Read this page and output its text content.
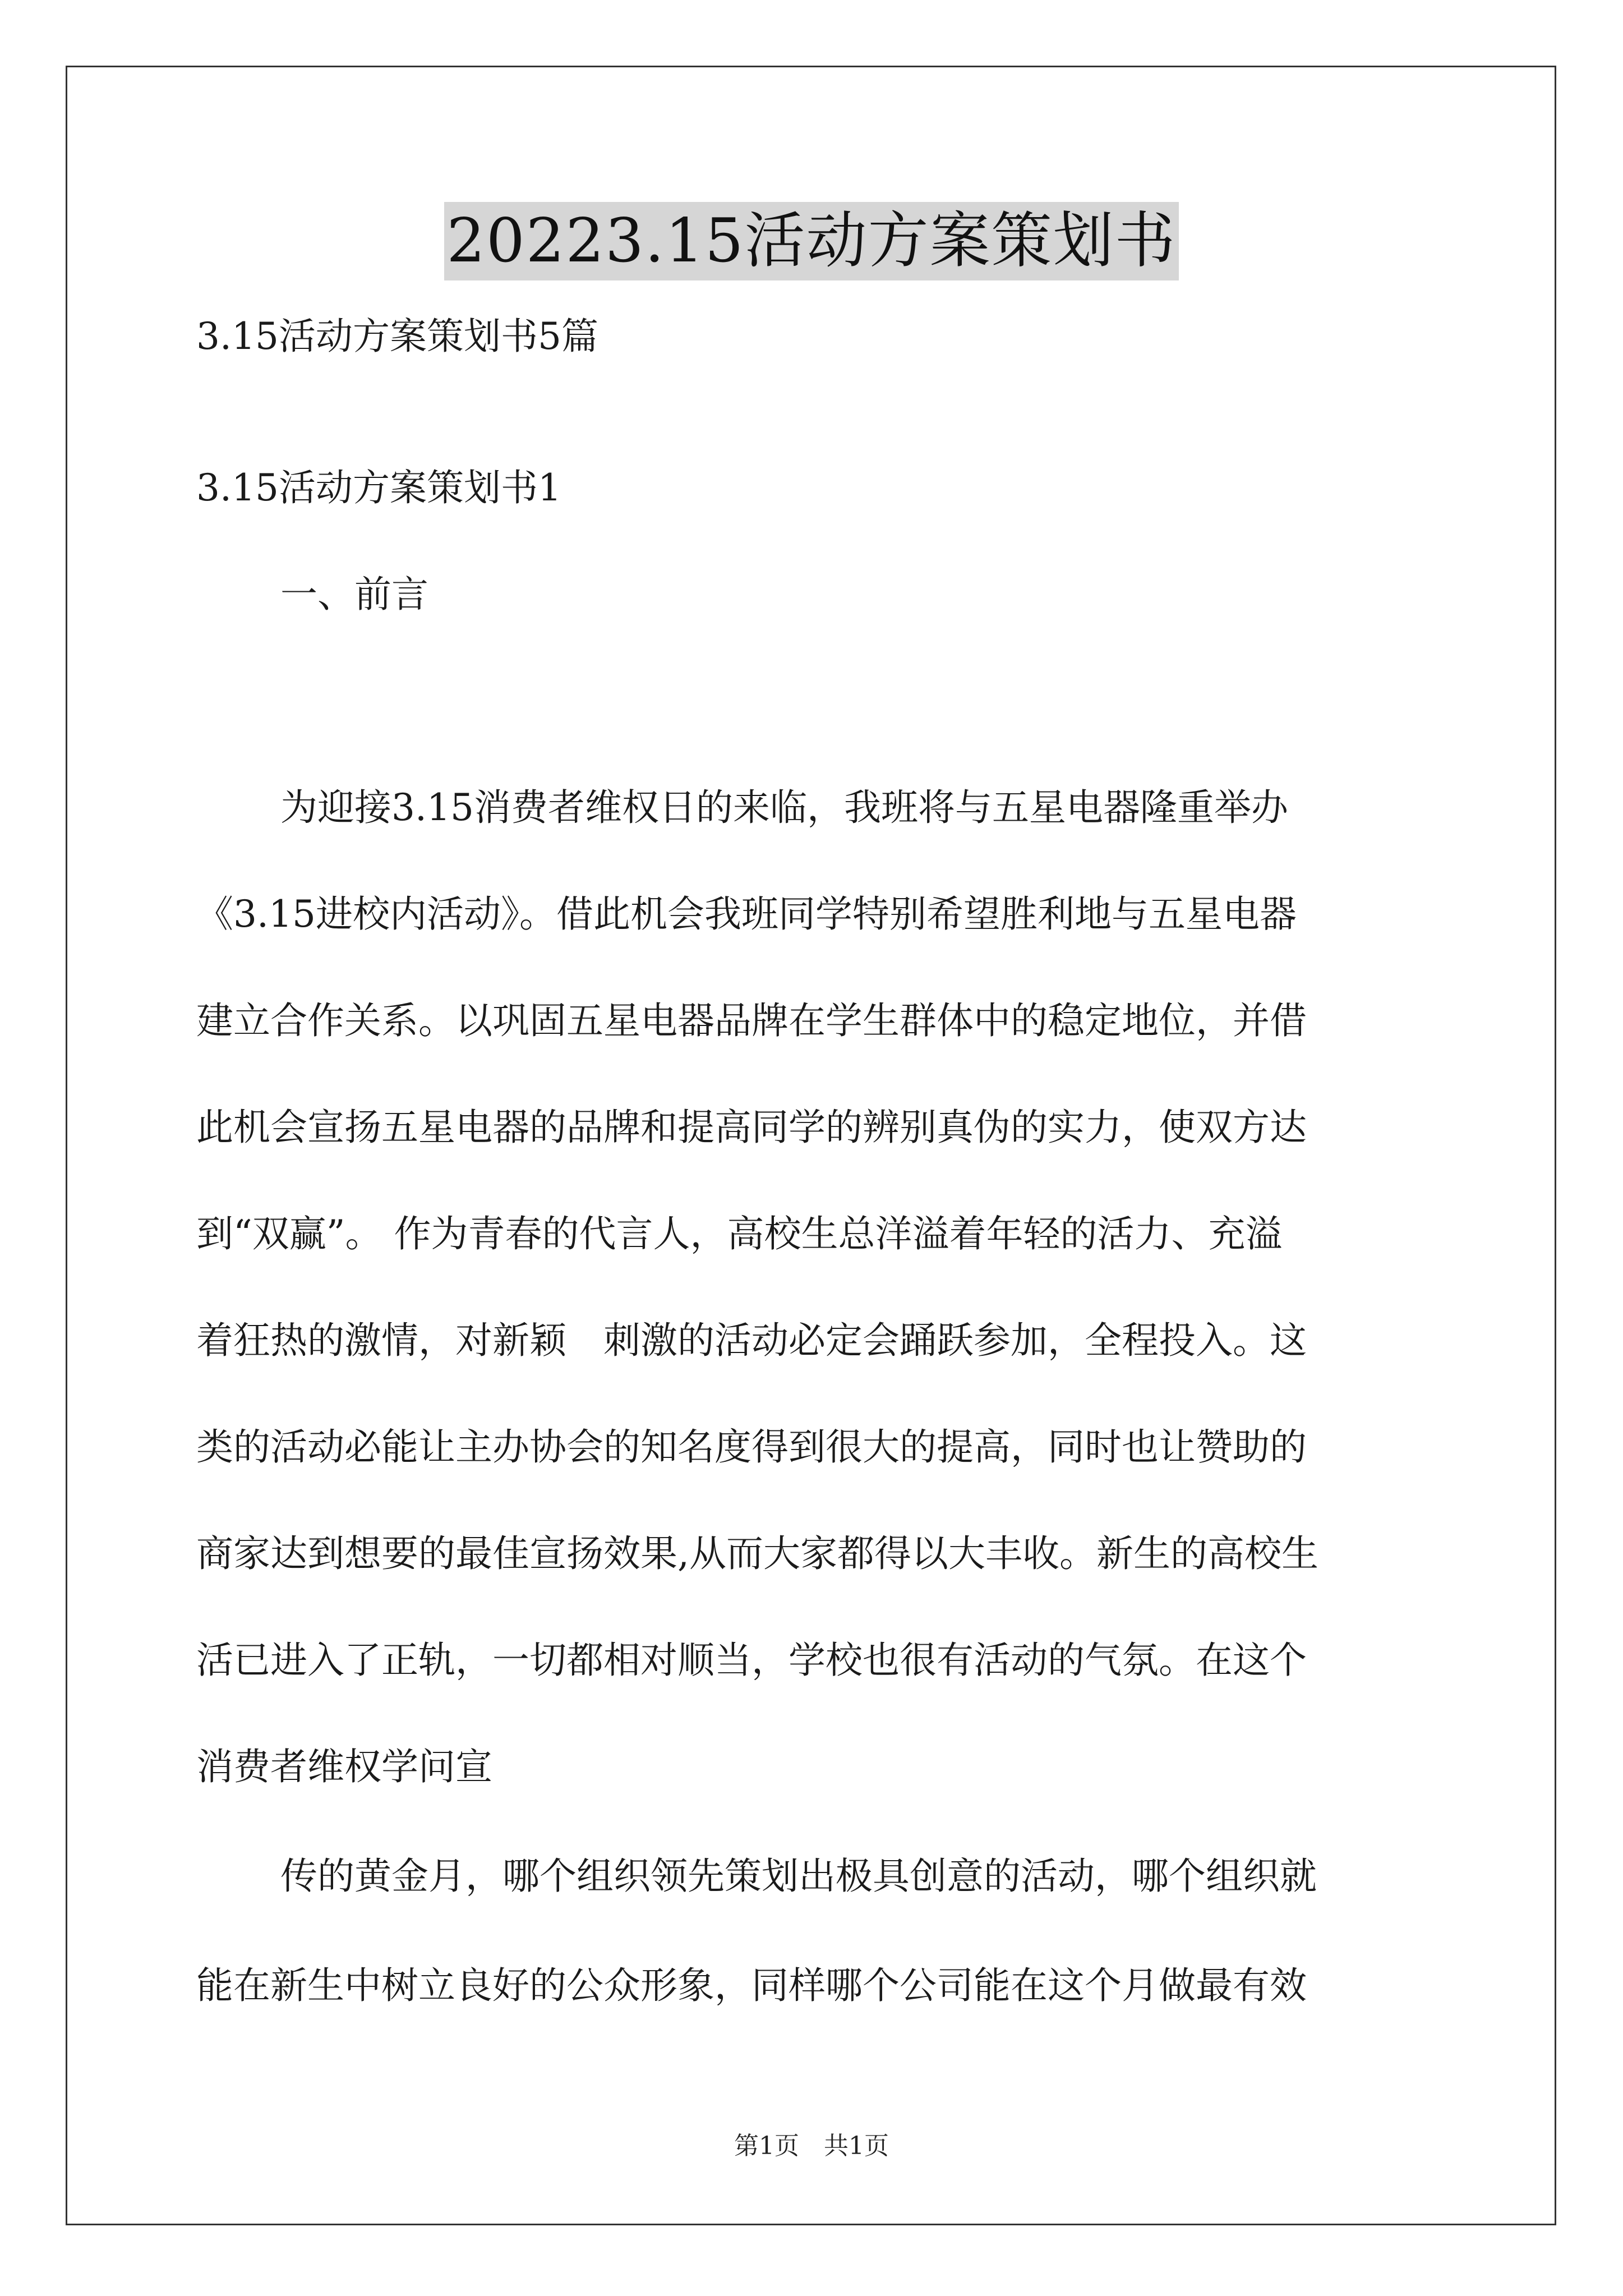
20223.15活动方案策划书
3.15活动方案策划书5篇
3.15活动方案策划书1
一、前言
为迎接3.15消费者维权日的来临，我班将与五星电器隆重举办
《3.15进校内活动》。借此机会我班同学特别希望胜利地与五星电器
建立合作关系。以巩固五星电器品牌在学生群体中的稳定地位，并借
此机会宣扬五星电器的品牌和提高同学的辨别真伪的实力，使双方达
到“双赢”。 作为青春的代言人，高校生总洋溢着年轻的活力、充溢
着狂热的激情，对新颖　刺激的活动必定会踊跃参加，全程投入。这
类的活动必能让主办协会的知名度得到很大的提高，同时也让赞助的
商家达到想要的最佳宣扬效果,从而大家都得以大丰收。新生的高校生
活已进入了正轨，一切都相对顺当，学校也很有活动的气氛。在这个
消费者维权学问宣
传的黄金月，哪个组织领先策划出极具创意的活动，哪个组织就
能在新生中树立良好的公众形象，同样哪个公司能在这个月做最有效
第1页　共1页
